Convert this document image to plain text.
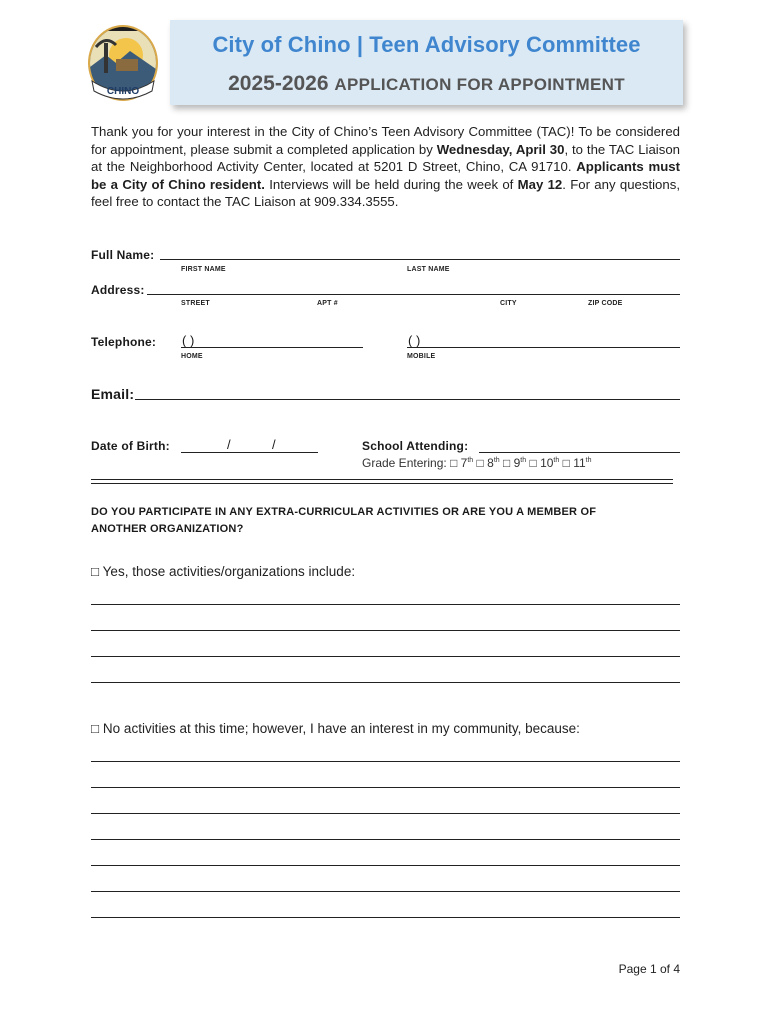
CHINO
City of Chino | Teen Advisory Committee
2025-2026 APPLICATION FOR APPOINTMENT
Thank you for your interest in the City of Chino’s Teen Advisory Committee (TAC)! To be considered for appointment, please submit a completed application by Wednesday, April 30, to the TAC Liaison at the Neighborhood Activity Center, located at 5201 D Street, Chino, CA 91710. Applicants must be a City of Chino resident. Interviews will be held during the week of May 12. For any questions, feel free to contact the TAC Liaison at 909.334.3555.
Full Name:
FIRST NAME	LAST NAME
Address:
STREET	APT #	CITY	ZIP CODE
Telephone: ( )
HOME
( )
MOBILE
Email:
Date of Birth:	/	/	School Attending:
Grade Entering: □ 7th □ 8th □ 9th □ 10th □ 11th
DO YOU PARTICIPATE IN ANY EXTRA-CURRICULAR ACTIVITIES OR ARE YOU A MEMBER OF ANOTHER ORGANIZATION?
□ Yes, those activities/organizations include:
□ No activities at this time; however, I have an interest in my community, because:
Page 1 of 4
